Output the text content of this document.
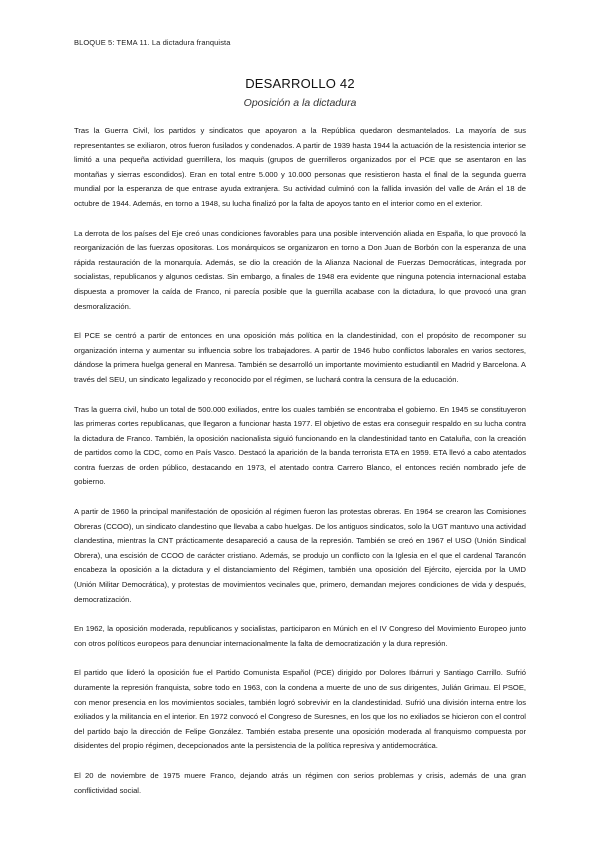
BLOQUE 5: TEMA 11. La dictadura franquista
DESARROLLO 42
Oposición a la dictadura

Tras la Guerra Civil, los partidos y sindicatos que apoyaron a la República quedaron desmantelados. La mayoría de sus representantes se exiliaron, otros fueron fusilados y condenados. A partir de 1939 hasta 1944 la actuación de la resistencia interior se limitó a una pequeña actividad guerrillera, los maquis (grupos de guerrilleros organizados por el PCE que se asentaron en las montañas y sierras escondidos). Eran en total entre 5.000 y 10.000 personas que resistieron hasta el final de la segunda guerra mundial por la esperanza de que entrase ayuda extranjera. Su actividad culminó con la fallida invasión del valle de Arán el 18 de octubre de 1944. Además, en torno a 1948, su lucha finalizó por la falta de apoyos tanto en el interior como en el exterior.

La derrota de los países del Eje creó unas condiciones favorables para una posible intervención aliada en España, lo que provocó la reorganización de las fuerzas opositoras. Los monárquicos se organizaron en torno a Don Juan de Borbón con la esperanza de una rápida restauración de la monarquía. Además, se dio la creación de la Alianza Nacional de Fuerzas Democráticas, integrada por socialistas, republicanos y algunos cedistas. Sin embargo, a finales de 1948 era evidente que ninguna potencia internacional estaba dispuesta a promover la caída de Franco, ni parecía posible que la guerrilla acabase con la dictadura, lo que provocó una gran desmoralización.

El PCE se centró a partir de entonces en una oposición más política en la clandestinidad, con el propósito de recomponer su organización interna y aumentar su influencia sobre los trabajadores. A partir de 1946 hubo conflictos laborales en varios sectores, dándose la primera huelga general en Manresa. También se desarrolló un importante movimiento estudiantil en Madrid y Barcelona. A través del SEU, un sindicato legalizado y reconocido por el régimen, se luchará contra la censura de la educación.

Tras la guerra civil, hubo un total de 500.000 exiliados, entre los cuales también se encontraba el gobierno. En 1945 se constituyeron las primeras cortes republicanas, que llegaron a funcionar hasta 1977. El objetivo de estas era conseguir respaldo en su lucha contra la dictadura de Franco. También, la oposición nacionalista siguió funcionando en la clandestinidad tanto en Cataluña, con la creación de partidos como la CDC, como en País Vasco. Destacó la aparición de la banda terrorista ETA en 1959. ETA llevó a cabo atentados contra fuerzas de orden público, destacando en 1973, el atentado contra Carrero Blanco, el entonces recién nombrado jefe de gobierno.

A partir de 1960 la principal manifestación de oposición al régimen fueron las protestas obreras. En 1964 se crearon las Comisiones Obreras (CCOO), un sindicato clandestino que llevaba a cabo huelgas. De los antiguos sindicatos, solo la UGT mantuvo una actividad clandestina, mientras la CNT prácticamente desapareció a causa de la represión. También se creó en 1967 el USO (Unión Sindical Obrera), una escisión de CCOO de carácter cristiano. Además, se produjo un conflicto con la Iglesia en el que el cardenal Tarancón encabeza la oposición a la dictadura y el distanciamiento del Régimen, también una oposición del Ejército, ejercida por la UMD (Unión Militar Democrática), y protestas de movimientos vecinales que, primero, demandan mejores condiciones de vida y después, democratización.

En 1962, la oposición moderada, republicanos y socialistas, participaron en Múnich en el IV Congreso del Movimiento Europeo junto con otros políticos europeos para denunciar internacionalmente la falta de democratización y la dura represión.

El partido que lideró la oposición fue el Partido Comunista Español (PCE) dirigido por Dolores Ibárruri y Santiago Carrillo. Sufrió duramente la represión franquista, sobre todo en 1963, con la condena a muerte de uno de sus dirigentes, Julián Grimau. El PSOE, con menor presencia en los movimientos sociales, también logró sobrevivir en la clandestinidad. Sufrió una división interna entre los exiliados y la militancia en el interior. En 1972 convocó el Congreso de Suresnes, en los que los no exiliados se hicieron con el control del partido bajo la dirección de Felipe González. También estaba presente una oposición moderada al franquismo compuesta por disidentes del propio régimen, decepcionados ante la persistencia de la política represiva y antidemocrática.

El 20 de noviembre de 1975 muere Franco, dejando atrás un régimen con serios problemas y crisis, además de una gran conflictividad social.
